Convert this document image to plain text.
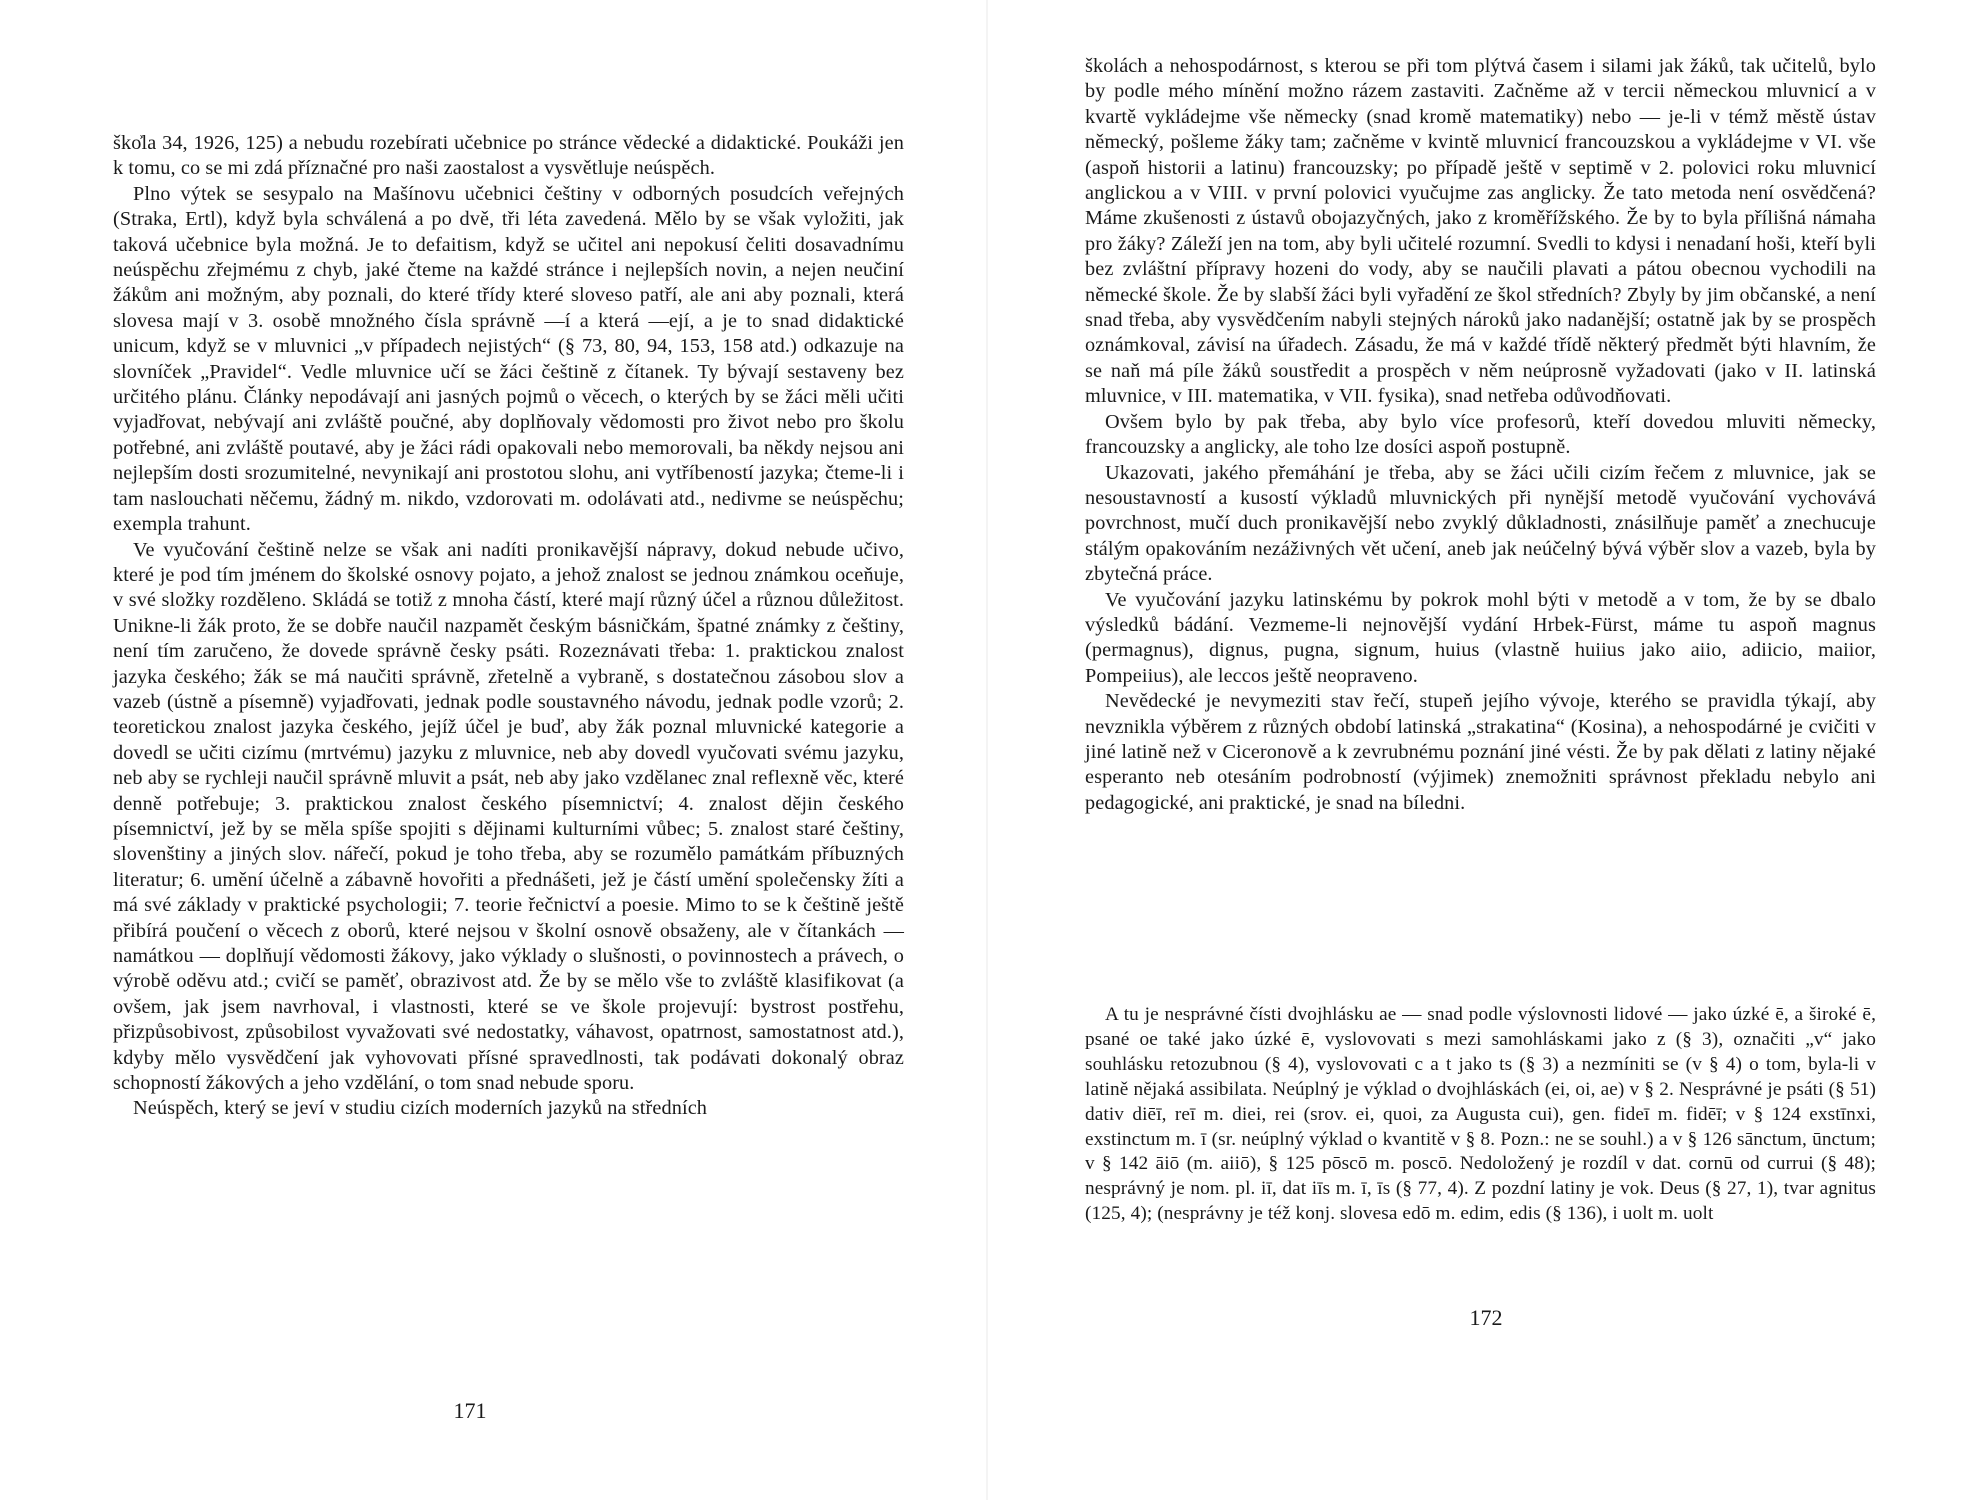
ško͐la 34, 1926, 125) a nebudu rozebírati učebnice po stránce vědecké a didaktické. Poukáži jen k tomu, co se mi zdá příznačné pro naši zaostalost a vysvětluje neúspěch.

Plno výtek se sesypalo na Mašínovu učebnici češtiny v odborných posudcích veřejných (Straka, Ertl), když byla schválená a po dvě, tři léta zavedená. Mělo by se však vyložiti, jak taková učebnice byla možná. Je to defaitism, když se učitel ani nepokusí čeliti dosavadnímu neúspěchu zřejmému z chyb, jaké čteme na každé stránce i nejlepších novin, a nejen neučiní žákům ani možným, aby poznali, do které třídy které sloveso patří, ale ani aby poznali, která slovesa mají v 3. osobě množného čísla správně —í a která —ejí, a je to snad didaktické unicum, když se v mluvnici „v případech nejistých“ (§ 73, 80, 94, 153, 158 atd.) odkazuje na slovníček „Pravidel“. Vedle mluvnice učí se žáci češtině z čítanek. Ty bývají sestaveny bez určitého plánu. Články nepodávají ani jasných pojmů o věcech, o kterých by se žáci měli učiti vyjadřovat, nebývají ani zvláště poučné, aby doplňovaly vědomosti pro život nebo pro školu potřebné, ani zvláště poutavé, aby je žáci rádi opakovali nebo memorovali, ba někdy nejsou ani nejlepším dosti srozumitelné, nevynikají ani prostotou slohu, ani vytříbeností jazyka; čteme-li i tam naslouchati něčemu, žádný m. nikdo, vzdorovati m. odolávati atd., nedivme se neúspěchu; exempla trahunt.

Ve vyučování češtině nelze se však ani nadíti pronikavější nápravy, dokud nebude učivo, které je pod tím jménem do školské osnovy pojato, a jehož znalost se jednou známkou oceňuje, v své složky rozděleno. Skládá se totiž z mnoha částí, které mají různý účel a různou důležitost. Unikne-li žák proto, že se dobře naučil nazpamět českým básničkám, špatné známky z češtiny, není tím zaručeno, že dovede správně česky psáti. Rozeznávati třeba: 1. praktickou znalost jazyka českého; žák se má naučiti správně, zřetelně a vybraně, s dostatečnou zásobou slov a vazeb (ústně a písemně) vyjadřovati, jednak podle soustavného návodu, jednak podle vzorů; 2. teoretickou znalost jazyka českého, jejíž účel je buď, aby žák poznal mluvnické kategorie a dovedl se učiti cizímu (mrtvému) jazyku z mluvnice, neb aby dovedl vyučovati svému jazyku, neb aby se rychleji naučil správně mluvit a psát, neb aby jako vzdělanec znal reflexně věc, které denně potřebuje; 3. praktickou znalost českého písemnictví; 4. znalost dějin českého písemnictví, jež by se měla spíše spojiti s dějinami kulturními vůbec; 5. znalost staré češtiny, slovenštiny a jiných slov. nářečí, pokud je toho třeba, aby se rozumělo památkám příbuzných literatur; 6. umění účelně a zábavně hovořiti a přednášeti, jež je částí umění společensky žíti a má své základy v praktické psychologii; 7. teorie řečnictví a poesie. Mimo to se k češtině ještě přibírá poučení o věcech z oborů, které nejsou v školní osnově obsaženy, ale v čítankách — namátkou — doplňují vědomosti žákovy, jako výklady o slušnosti, o povinnostech a právech, o výrobě oděvu atd.; cvičí se paměť, obrazivost atd. Že by se mělo vše to zvláště klasifikovat (a ovšem, jak jsem navrhoval, i vlastnosti, které se ve škole projevují: bystrost postřehu, přizpůsobivost, způsobilost vyvažovati své nedostatky, váhavost, opatrnost, samostatnost atd.), kdyby mělo vysvědčení jak vyhovovati přísné spravedlnosti, tak podávati dokonalý obraz schopností žákových a jeho vzdělání, o tom snad nebude sporu.

Neúspěch, který se jeví v studiu cizích moderních jazyků na středních

171

školách a nehospodárnost, s kterou se při tom plýtvá časem i silami jak žáků, tak učitelů, bylo by podle mého mínění možno rázem zastaviti. Začněme až v tercii německou mluvnicí a v kvartě vykládejme vše německy (snad kromě matematiky) nebo — je-li v témž městě ústav německý, pošleme žáky tam; začněme v kvintě mluvnicí francouzskou a vykládejme v VI. vše (aspoň historii a latinu) francouzsky; po případě ještě v septimě v 2. polovici roku mluvnicí anglickou a v VIII. v první polovici vyučujme zas anglicky. Že tato metoda není osvědčená? Máme zkušenosti z ústavů obojazyčných, jako z kroměřížského. Že by to byla přílišná námaha pro žáky? Záleží jen na tom, aby byli učitelé rozumní. Svedli to kdysi i nenadaní hoši, kteří byli bez zvláštní přípravy hozeni do vody, aby se naučili plavati a pátou obecnou vychodili na německé škole. Že by slabší žáci byli vyřadění ze škol středních? Zbyly by jim občanské, a není snad třeba, aby vysvědčením nabyli stejných nároků jako nadanější; ostatně jak by se prospěch oznámkoval, závisí na úřadech. Zásadu, že má v každé třídě některý předmět býti hlavním, že se naň má píle žáků soustředit a prospěch v něm neúprosně vyžadovati (jako v II. latinská mluvnice, v III. matematika, v VII. fysika), snad netřeba odůvodňovati.

Ovšem bylo by pak třeba, aby bylo více profesorů, kteří dovedou mluviti německy, francouzsky a anglicky, ale toho lze dosíci aspoň postupně.

Ukazovati, jakého přemáhání je třeba, aby se žáci učili cizím řečem z mluvnice, jak se nesoustavností a kusostí výkladů mluvnických při nynější metodě vyučování vychovává povrchnost, mučí duch pronikavější nebo zvyklý důkladnosti, znásilňuje paměť a znechucuje stálým opakováním nezáživných vět učení, aneb jak neúčelný bývá výběr slov a vazeb, byla by zbytečná práce.

Ve vyučování jazyku latinskému by pokrok mohl býti v metodě a v tom, že by se dbalo výsledků bádání. Vezmeme-li nejnovější vydání Hrbek-Fürst, máme tu aspoň magnus (permagnus), dignus, pugna, signum, huius (vlastně huiius jako aiio, adiicio, maiior, Pompeiius), ale leccos ještě neopraveno.

Nevědecké je nevymeziti stav řečí, stupeň jejího vývoje, kterého se pravidla týkají, aby nevznikla výběrem z různých období latinská „strakatina“ (Kosina), a nehospodárné je cvičiti v jiné latině než v Ciceronově a k zevrubnému poznání jiné vésti. Že by pak dělati z latiny nějaké esperanto neb otesáním podrobností (výjimek) znemožniti správnost překladu nebylo ani pedagogické, ani praktické, je snad na bíledni.

A tu je nesprávné čísti dvojhlásku ae — snad podle výslovnosti lidové — jako úzké ē, a široké ē, psané oe také jako úzké ē, vyslovovati s mezi samohláskami jako z (§ 3), označiti „v“ jako souhlásku retozubnou (§ 4), vyslovovati c a t jako ts (§ 3) a nezmíniti se (v § 4) o tom, byla-li v latině nějaká assibilata. Neúplný je výklad o dvojhláskách (ei, oi, ae) v § 2. Nesprávné je psáti (§ 51) dativ diēī, reī m. diei, rei (srov. ei, quoi, za Augusta cui), gen. fideī m. fidēī; v § 124 exstīnxi, exstinctum m. ī (sr. neúplný výklad o kvantitě v § 8. Pozn.: ne se souhl.) a v § 126 sānctum, ūnctum; v § 142 āiō (m. aiiō), § 125 pōscō m. poscō. Nedoložený je rozdíl v dat. cornū od currui (§ 48); nesprávný je nom. pl. iī, dat iīs m. ī, īs (§ 77, 4). Z pozdní latiny je vok. Deus (§ 27, 1), tvar agnitus (125, 4); (nesprávny je též konj. slovesa edō m. edim, edis (§ 136), i uolt m. uolt

172
